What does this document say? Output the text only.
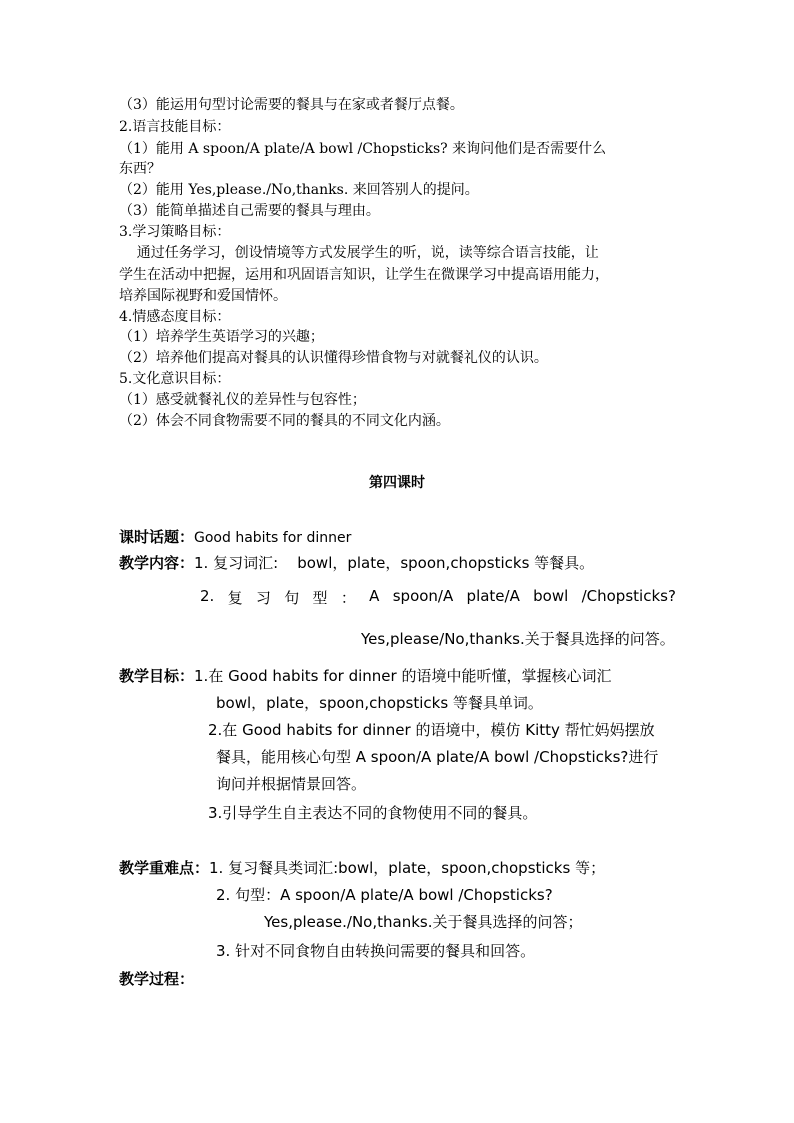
（3）能运用句型讨论需要的餐具与在家或者餐厅点餐。
2.语言技能目标：
（1）能用 A spoon/A plate/A bowl /Chopsticks? 来询问他们是否需要什么
东西？
（2）能用 Yes,please./No,thanks. 来回答别人的提问。
（3）能简单描述自己需要的餐具与理由。
3.学习策略目标：
通过任务学习，创设情境等方式发展学生的听，说，读等综合语言技能，让
学生在活动中把握，运用和巩固语言知识，让学生在微课学习中提高语用能力，
培养国际视野和爱国情怀。
4.情感态度目标：
（1）培养学生英语学习的兴趣；
（2）培养他们提高对餐具的认识懂得珍惜食物与对就餐礼仪的认识。
5.文化意识目标：
（1）感受就餐礼仪的差异性与包容性；
（2）体会不同食物需要不同的餐具的不同文化内涵。
第四课时
课时话题：Good habits for dinner
教学内容：1. 复习词汇:    bowl，plate，spoon,chopsticks 等餐具。
2. 复 习 句 型 ： A spoon/A plate/A bowl /Chopsticks?
Yes,please/No,thanks.关于餐具选择的问答。
教学目标：1.在 Good habits for dinner 的语境中能听懂，掌握核心词汇
bowl，plate，spoon,chopsticks 等餐具单词。
2.在 Good habits for dinner 的语境中，模仿 Kitty 帮忙妈妈摆放
餐具，能用核心句型 A spoon/A plate/A bowl /Chopsticks?进行
询问并根据情景回答。
3.引导学生自主表达不同的食物使用不同的餐具。
教学重难点：1. 复习餐具类词汇:bowl，plate，spoon,chopsticks 等；
2. 句型：A spoon/A plate/A bowl /Chopsticks?
Yes,please./No,thanks.关于餐具选择的问答；
3. 针对不同食物自由转换问需要的餐具和回答。
教学过程：
